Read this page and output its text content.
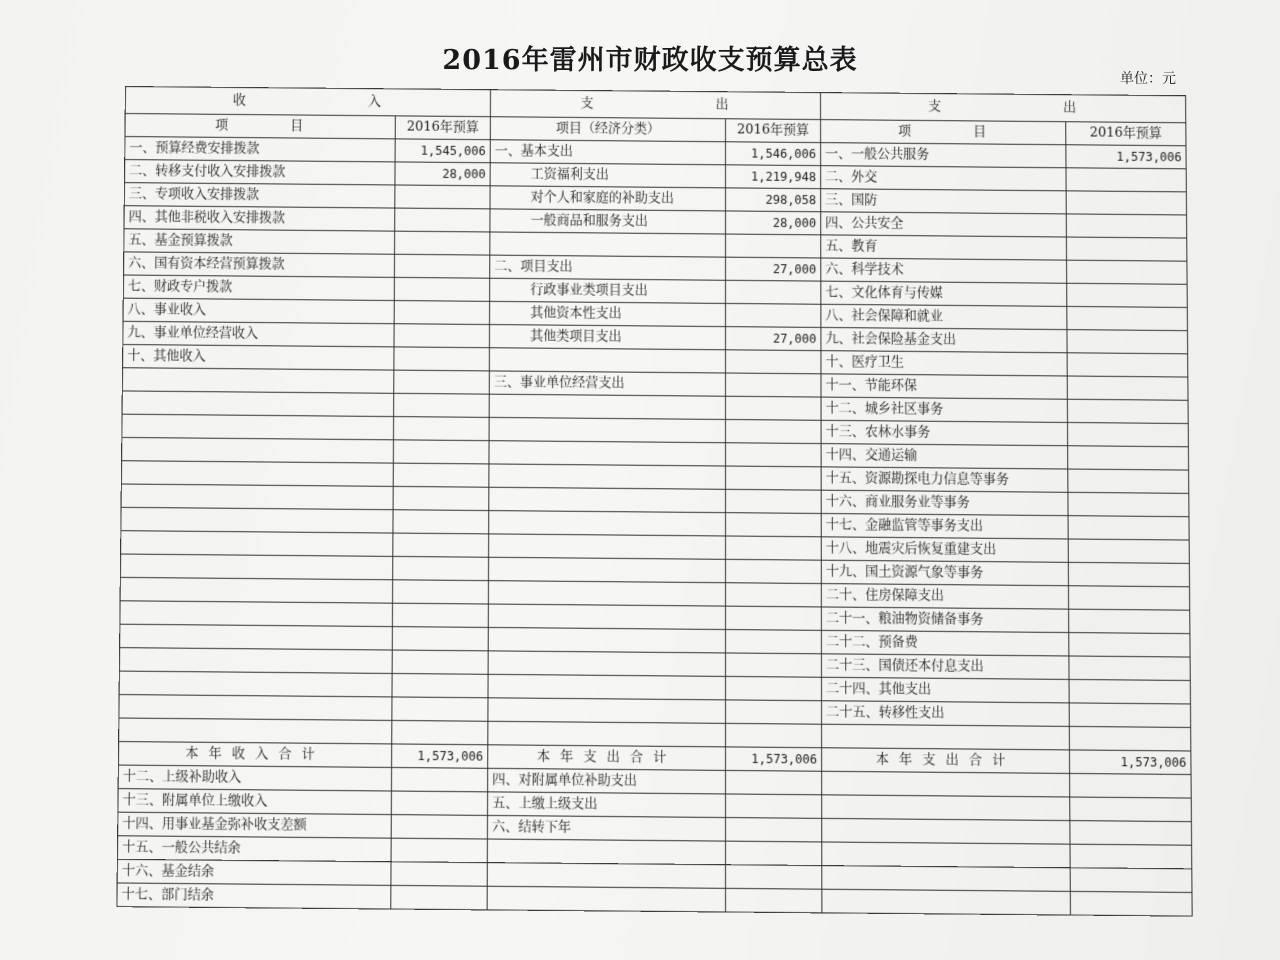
2016年雷州市财政收支预算总表
单位：元
收　　　　　　　　入		支　　　　　　　　出		支　　　　　　　　出	
项　　　　目	2016年预算	项目（经济分类）	2016年预算	项　　　　目	2016年预算
一、预算经费安排拨款	1,545,006	一、基本支出	1,546,006	一、一般公共服务	1,573,006
二、转移支付收入安排拨款	28,000	工资福利支出	1,219,948	二、外交	
三、专项收入安排拨款		对个人和家庭的补助支出	298,058	三、国防	
四、其他非税收入安排拨款		一般商品和服务支出	28,000	四、公共安全	
五、基金预算拨款				五、教育	
六、国有资本经营预算拨款		二、项目支出	27,000	六、科学技术	
七、财政专户拨款		行政事业类项目支出		七、文化体育与传媒	
八、事业收入		其他资本性支出		八、社会保障和就业	
九、事业单位经营收入		其他类项目支出	27,000	九、社会保险基金支出	
十、其他收入				十、医疗卫生	
		三、事业单位经营支出		十一、节能环保	
				十二、城乡社区事务	
				十三、农林水事务	
				十四、交通运输	
				十五、资源勘探电力信息等事务	
				十六、商业服务业等事务	
				十七、金融监管等事务支出	
				十八、地震灾后恢复重建支出	
				十九、国土资源气象等事务	
				二十、住房保障支出	
				二十一、粮油物资储备事务	
				二十二、预备费	
				二十三、国债还本付息支出	
				二十四、其他支出	
				二十五、转移性支出	

本年收入合计	1,573,006	本年支出合计	1,573,006	本年支出合计	1,573,006
十二、上级补助收入		四、对附属单位补助支出			
十三、附属单位上缴收入		五、上缴上级支出			
十四、用事业基金弥补收支差额		六、结转下年			
十五、一般公共结余					
十六、基金结余					
十七、部门结余					
